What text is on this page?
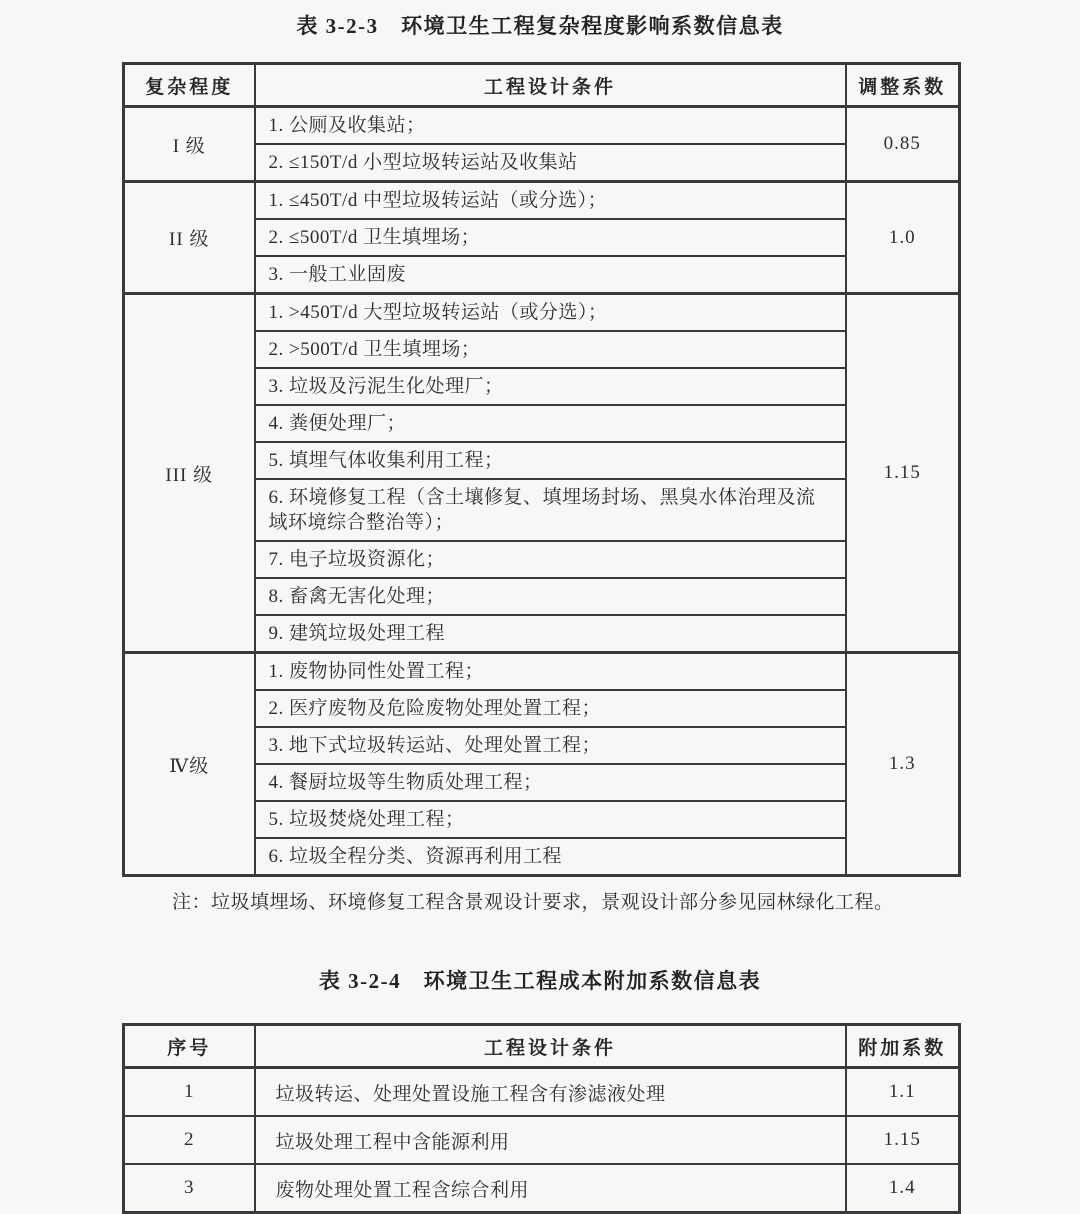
表 3-2-3　环境卫生工程复杂程度影响系数信息表
复杂程度	工程设计条件	调整系数
I 级	1. 公厕及收集站；	0.85
	2. ≤150T/d 小型垃圾转运站及收集站	
II 级	1. ≤450T/d 中型垃圾转运站（或分选）；	1.0
	2. ≤500T/d 卫生填埋场；	
	3. 一般工业固废	
III 级	1. >450T/d 大型垃圾转运站（或分选）；	1.15
	2. >500T/d 卫生填埋场；	
	3. 垃圾及污泥生化处理厂；	
	4. 粪便处理厂；	
	5. 填埋气体收集利用工程；	
	6. 环境修复工程（含土壤修复、填埋场封场、黑臭水体治理及流域环境综合整治等）；	
	7. 电子垃圾资源化；	
	8. 畜禽无害化处理；	
	9. 建筑垃圾处理工程	
Ⅳ级	1. 废物协同性处置工程；	1.3
	2. 医疗废物及危险废物处理处置工程；	
	3. 地下式垃圾转运站、处理处置工程；	
	4. 餐厨垃圾等生物质处理工程；	
	5. 垃圾焚烧处理工程；	
	6. 垃圾全程分类、资源再利用工程	

注：垃圾填埋场、环境修复工程含景观设计要求，景观设计部分参见园林绿化工程。

表 3-2-4　环境卫生工程成本附加系数信息表
序号	工程设计条件	附加系数
1	垃圾转运、处理处置设施工程含有渗滤液处理	1.1
2	垃圾处理工程中含能源利用	1.15
3	废物处理处置工程含综合利用	1.4
